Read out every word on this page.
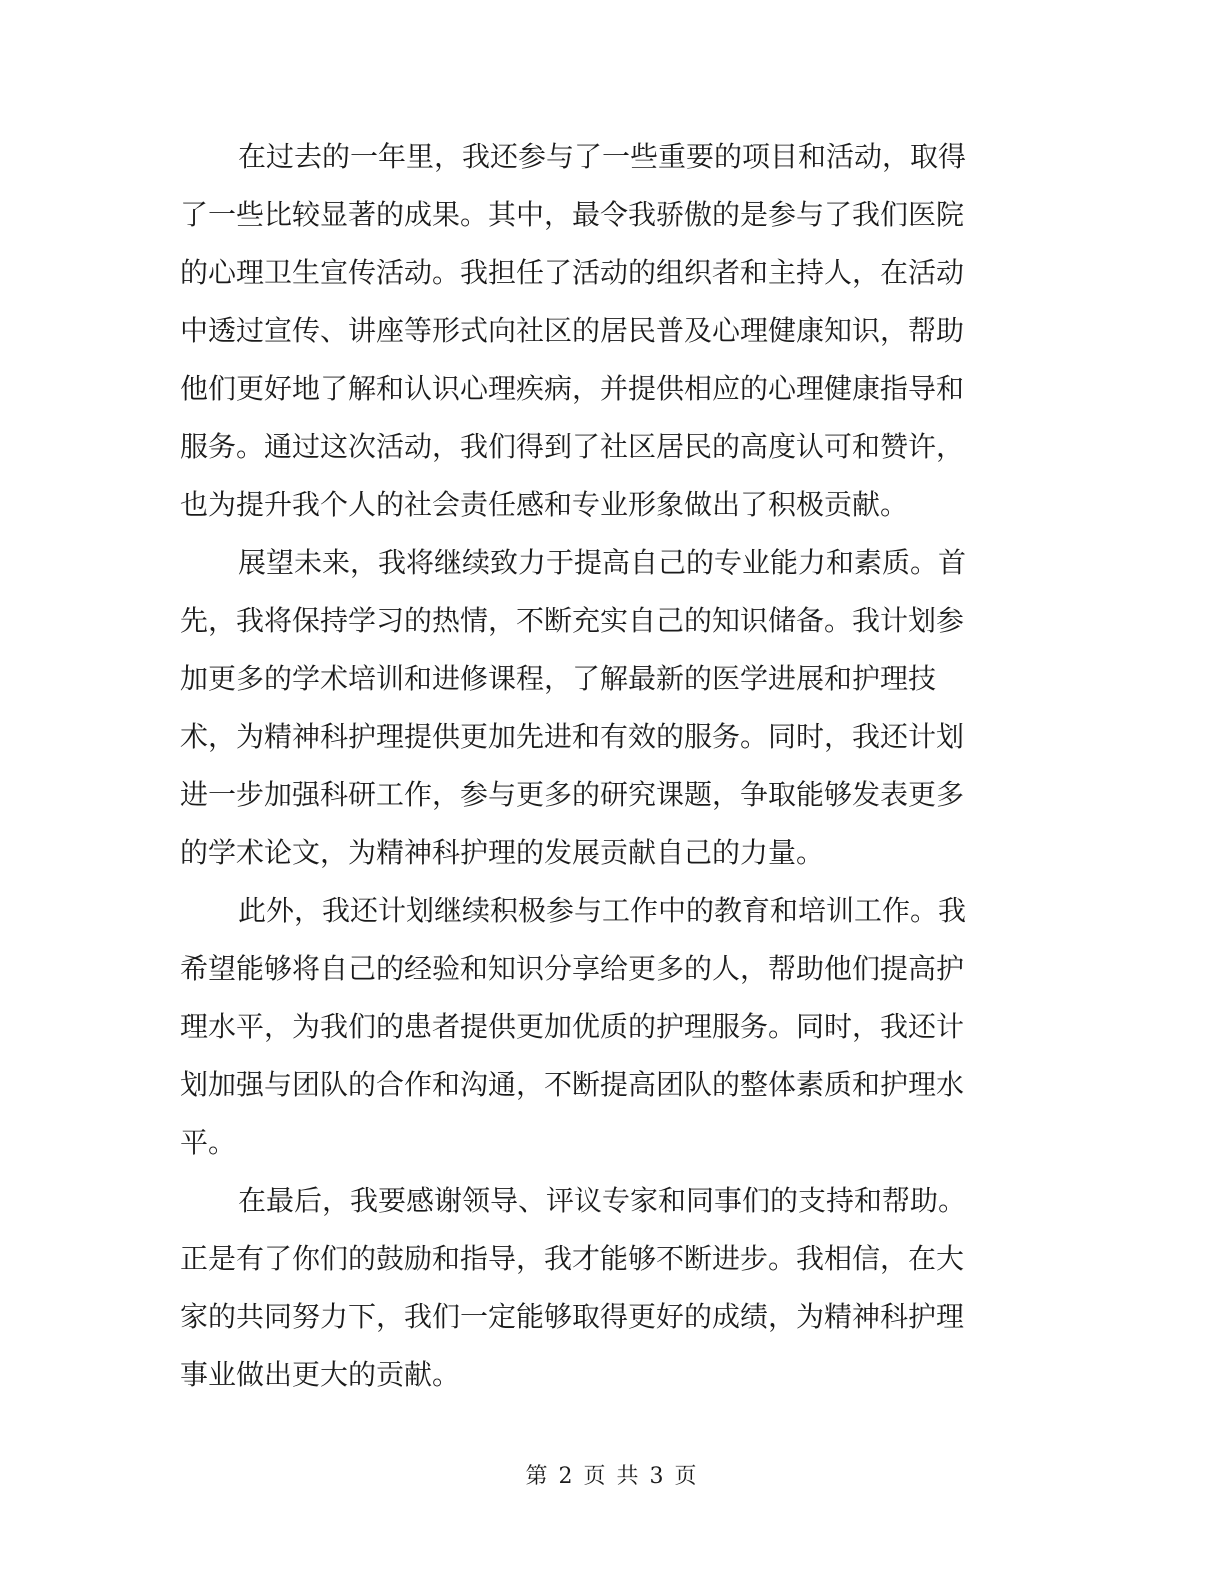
在过去的一年里，我还参与了一些重要的项目和活动，取得
了一些比较显著的成果。其中，最令我骄傲的是参与了我们医院
的心理卫生宣传活动。我担任了活动的组织者和主持人，在活动
中透过宣传、讲座等形式向社区的居民普及心理健康知识，帮助
他们更好地了解和认识心理疾病，并提供相应的心理健康指导和
服务。通过这次活动，我们得到了社区居民的高度认可和赞许，
也为提升我个人的社会责任感和专业形象做出了积极贡献。
展望未来，我将继续致力于提高自己的专业能力和素质。首
先，我将保持学习的热情，不断充实自己的知识储备。我计划参
加更多的学术培训和进修课程，了解最新的医学进展和护理技
术，为精神科护理提供更加先进和有效的服务。同时，我还计划
进一步加强科研工作，参与更多的研究课题，争取能够发表更多
的学术论文，为精神科护理的发展贡献自己的力量。
此外，我还计划继续积极参与工作中的教育和培训工作。我
希望能够将自己的经验和知识分享给更多的人，帮助他们提高护
理水平，为我们的患者提供更加优质的护理服务。同时，我还计
划加强与团队的合作和沟通，不断提高团队的整体素质和护理水
平。
在最后，我要感谢领导、评议专家和同事们的支持和帮助。
正是有了你们的鼓励和指导，我才能够不断进步。我相信，在大
家的共同努力下，我们一定能够取得更好的成绩，为精神科护理
事业做出更大的贡献。
第 2 页 共 3 页
